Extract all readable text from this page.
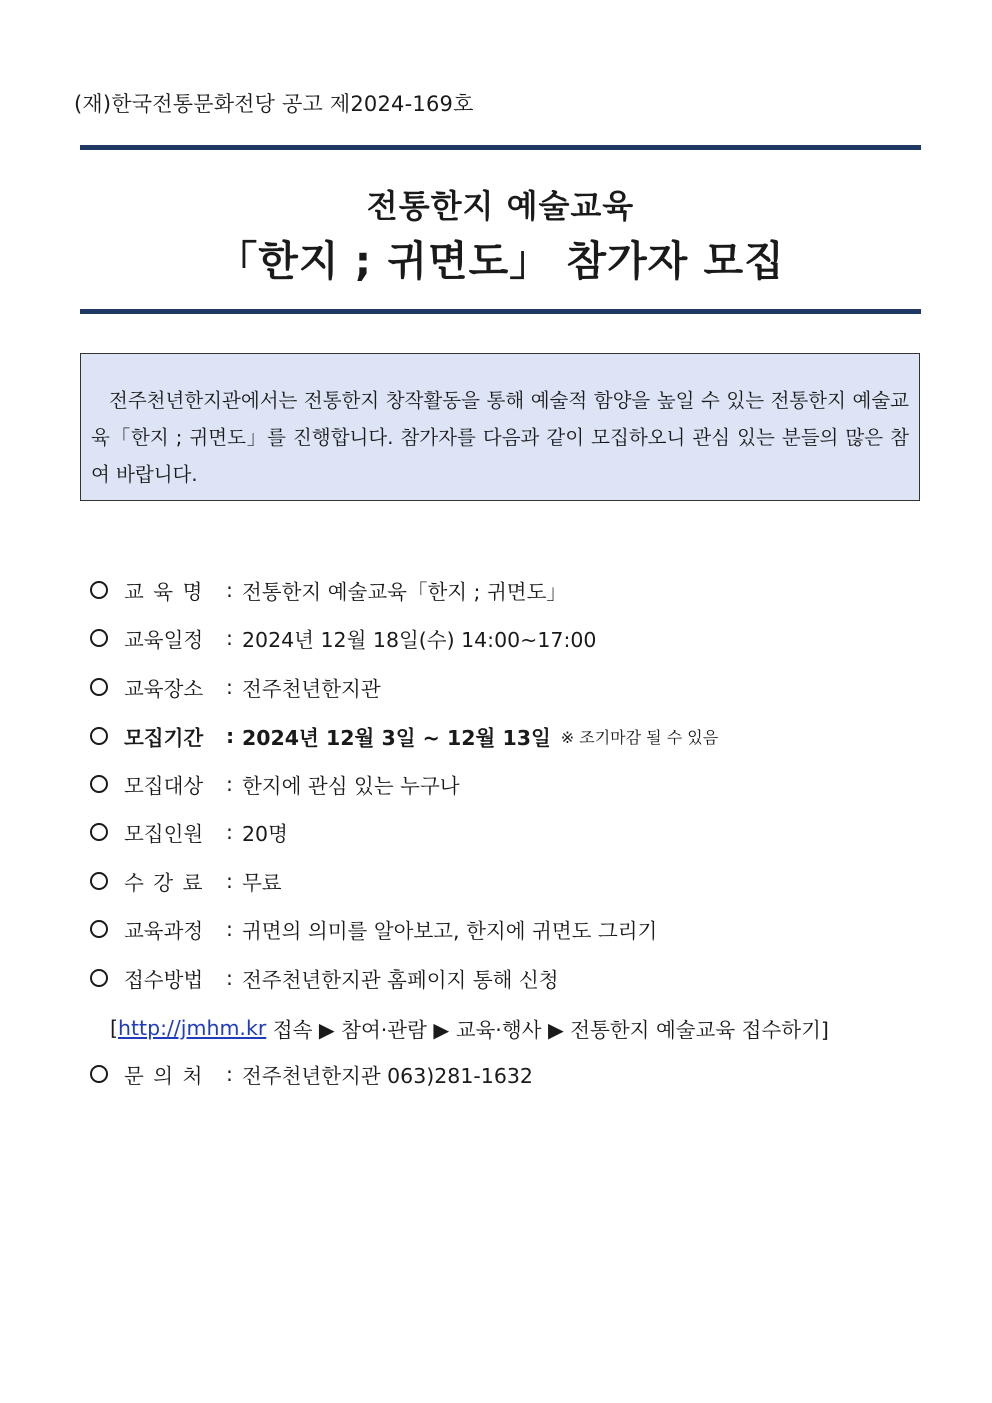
(재)한국전통문화전당 공고 제2024-169호
전통한지 예술교육
「한지 ; 귀면도」 참가자 모집
전주천년한지관에서는 전통한지 창작활동을 통해 예술적 함양을 높일 수 있는 전통한지 예술교육「한지 ; 귀면도」를 진행합니다. 참가자를 다음과 같이 모집하오니 관심 있는 분들의 많은 참여 바랍니다.
교육명 : 전통한지 예술교육「한지 ; 귀면도」
교육일정	: 2024년 12월 18일(수) 14:00~17:00
교육장소	: 전주천년한지관
모집기간	: 2024년 12월 3일 ~ 12월 13일 ※ 조기마감 될 수 있음
모집대상	: 한지에 관심 있는 누구나
모집인원	: 20명
수강료 : 무료
교육과정	: 귀면의 의미를 알아보고, 한지에 귀면도 그리기
접수방법	: 전주천년한지관 홈페이지 통해 신청
문의처 : 전주천년한지관 063)281-1632
[ http://jmhm.kr 접속 ▶ 참여·관람 ▶ 교육·행사 ▶ 전통한지 예술교육 접수하기]
